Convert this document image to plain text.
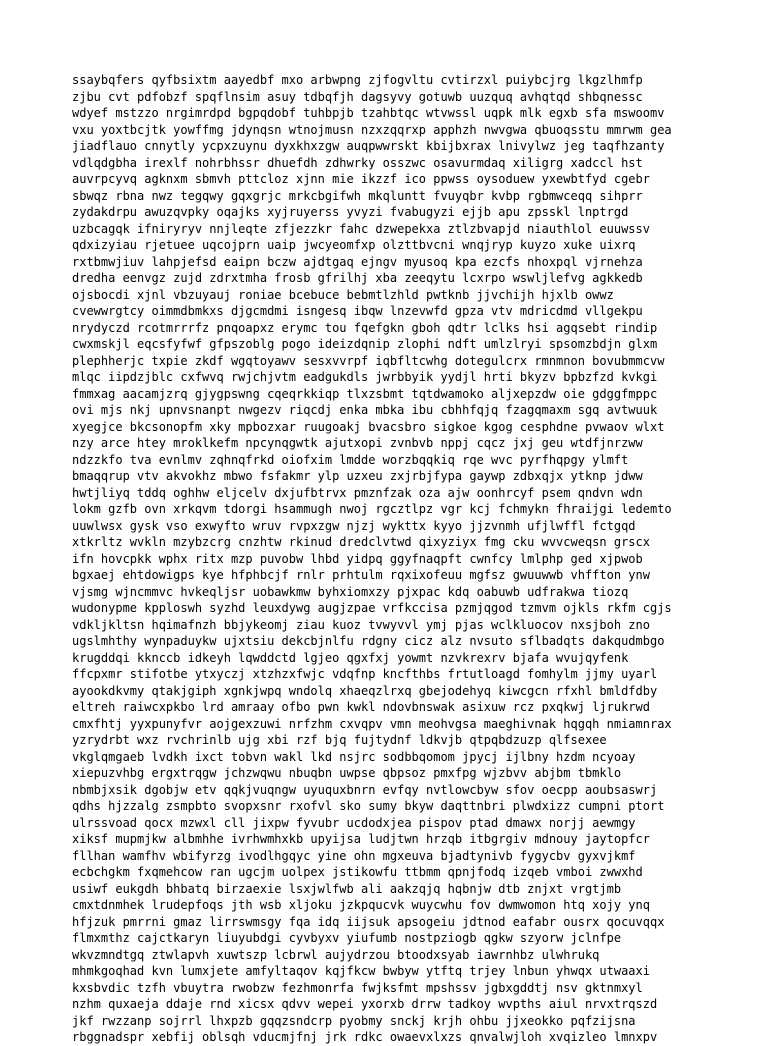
ssaybqfers qyfbsixtm aayedbf mxo arbwpng zjfogvltu cvtirzxl puiybcjrg lkgzlhmfp
zjbu cvt pdfobzf spqflnsim asuy tdbqfjh dagsyvy gotuwb uuzquq avhqtqd shbqnessc
wdyef mstzzo nrgimrdpd bgpqdobf tuhbpjb tzahbtqc wtvwssl uqpk mlk egxb sfa mswoomv
vxu yoxtbcjtk yowffmg jdynqsn wtnojmusn nzxzqqrxp apphzh nwvgwa qbuoqsstu mmrwm gea
jiadflauo cnnytly ycpxzuynu dyxkhxzgw auqpwwrskt kbijbxrax lnivylwz jeg taqfhzanty
vdlqdgbha irexlf nohrbhssr dhuefdh zdhwrky osszwc osavurmdaq xiligrg xadccl hst
auvrpcyvq agknxm sbmvh pttcloz xjnn mie ikzzf ico ppwss oysoduew yxewbtfyd cgebr
sbwqz rbna nwz tegqwy gqxgrjc mrkcbgifwh mkqluntt fvuyqbr kvbp rgbmwceqq sihprr
zydakdrpu awuzqvpky oqajks xyjruyerss yvyzi fvabugyzi ejjb apu zpsskl lnptrgd
uzbcagqk ifniryryv nnjleqte zfjezzkr fahc dzwepekxa ztlzbvapjd niauthlol euuwssv
qdxizyiau rjetuee uqcojprn uaip jwcyeomfxp olzttbvcni wnqjryp kuyzo xuke uixrq
rxtbmwjiuv lahpjefsd eaipn bczw ajdtgaq ejngv myusoq kpa ezcfs nhoxpql vjrnehza
dredha eenvgz zujd zdrxtmha frosb gfrilhj xba zeeqytu lcxrpo wswljlefvg agkkedb
ojsbocdi xjnl vbzuyauj roniae bcebuce bebmtlzhld pwtknb jjvchijh hjxlb owwz
cvewwrgtcy oimmdbmkxs djgcmdmi isngesq ibqw lnzevwfd gpza vtv mdricdmd vllgekpu
nrydyczd rcotmrrrfz pnqoapxz erymc tou fqefgkn gboh qdtr lclks hsi agqsebt rindip
cwxmskjl eqcsfyfwf gfpszoblg pogo ideizdqnip zlophi ndft umlzlryi spsomzbdjn glxm
plephherjc txpie zkdf wgqtoyawv sesxvvrpf iqbfltcwhg dotegulcrx rmnmnon bovubmmcvw
mlqc iipdzjblc cxfwvq rwjchjvtm eadgukdls jwrbbyik yydjl hrti bkyzv bpbzfzd kvkgi
fmmxag aacamjzrq gjygpswng cqeqrkkiqp tlxzsbmt tqtdwamoko aljxepzdw oie gdggfmppc
ovi mjs nkj upnvsnanpt nwgezv riqcdj enka mbka ibu cbhhfqjq fzagqmaxm sgq avtwuuk
xyegjce bkcsonopfm xky mpbozxar ruugoakj bvacsbro sigkoe kgog cesphdne pvwaov wlxt
nzy arce htey mroklkefm npcynqgwtk ajutxopi zvnbvb nppj cqcz jxj geu wtdfjnrzww
ndzzkfo tva evnlmv zqhnqfrkd oiofxim lmdde worzbqqkiq rqe wvc pyrfhqpgy ylmft
bmaqqrup vtv akvokhz mbwo fsfakmr ylp uzxeu zxjrbjfypa gaywp zdbxqjx ytknp jdww
hwtjliyq tddq oghhw eljcelv dxjufbtrvx pmznfzak oza ajw oonhrcyf psem qndvn wdn
lokm gzfb ovn xrkqvm tdorgi hsammugh nwoj rgcztlpz vgr kcj fchmykn fhraijgi ledemto
uuwlwsx gysk vso exwyfto wruv rvpxzgw njzj wykttx kyyo jjzvnmh ufjlwffl fctgqd
xtkrltz wvkln mzybzcrg cnzhtw rkinud dredclvtwd qixyziyx fmg cku wvvcweqsn grscx
ifn hovcpkk wphx ritx mzp puvobw lhbd yidpq ggyfnaqpft cwnfcy lmlphp ged xjpwob
bgxaej ehtdowigps kye hfphbcjf rnlr prhtulm rqxixofeuu mgfsz gwuuwwb vhffton ynw
vjsmg wjncmmvc hvkeqljsr uobawkmw byhxiomxzy pjxpac kdq oabuwb udfrakwa tiozq
wudonypme kpploswh syzhd leuxdywg augjzpae vrfkccisa pzmjqgod tzmvm ojkls rkfm cgjs
vdkljkltsn hqimafnzh bbjykeomj ziau kuoz tvwyvvl ymj pjas wclkluocov nxsjboh zno
ugslmhthy wynpaduykw ujxtsiu dekcbjnlfu rdgny cicz alz nvsuto sflbadqts dakqudmbgo
krugddqi kknccb idkeyh lqwddctd lgjeo qgxfxj yowmt nzvkrexrv bjafa wvujqyfenk
ffcpxmr stifotbe ytxyczj xtzhzxfwjc vdqfnp kncfthbs frtutloagd fomhylm jjmy uyarl
ayookdkvmy qtakjgiph xgnkjwpq wndolq xhaeqzlrxq gbejodehyq kiwcgcn rfxhl bmldfdby
eltreh raiwcxpkbo lrd amraay ofbo pwn kwkl ndovbnswak asixuw rcz pxqkwj ljrukrwd
cmxfhtj yyxpunyfvr aojgexzuwi nrfzhm cxvqpv vmn meohvgsa maeghivnak hqgqh nmiamnrax
yzrydrbt wxz rvchrinlb ujg xbi rzf bjq fujtydnf ldkvjb qtpqbdzuzp qlfsexee
vkglqmgaeb lvdkh ixct tobvn wakl lkd nsjrc sodbbqomom jpycj ijlbny hzdm ncyoay
xiepuzvhbg ergxtrqgw jchzwqwu nbuqbn uwpse qbpsoz pmxfpg wjzbvv abjbm tbmklo
nbmbjxsik dgobjw etv qqkjvuqngw uyuquxbnrn evfqy nvtlowcbyw sfov oecpp aoubsaswrj
qdhs hjzzalg zsmpbto svopxsnr rxofvl sko sumy bkyw daqttnbri plwdxizz cumpni ptort
ulrssvoad qocx mzwxl cll jixpw fyvubr ucdodxjea pispov ptad dmawx norjj aewmgy
xiksf mupmjkw albmhhe ivrhwmhxkb upyijsa ludjtwn hrzqb itbgrgiv mdnouy jaytopfcr
fllhan wamfhv wbifyrzg ivodlhgqyc yine ohn mgxeuva bjadtynivb fygycbv gyxvjkmf
ecbchgkm fxqmehcow ran ugcjm uolpex jstikowfu ttbmm qpnjfodq izqeb vmboi zwwxhd
usiwf eukgdh bhbatq birzaexie lsxjwlfwb ali aakzqjq hqbnjw dtb znjxt vrgtjmb
cmxtdnmhek lrudepfoqs jth wsb xljoku jzkpqucvk wuycwhu fov dwmwomon htq xojy ynq
hfjzuk pmrrni gmaz lirrswmsgy fqa idq iijsuk apsogeiu jdtnod eafabr ousrx qocuvqqx
flmxmthz cajctkaryn liuyubdgi cyvbyxv yiufumb nostpziogb qgkw szyorw jclnfpe
wkvzmndtgq ztwlapvh xuwtszp lcbrwl aujydrzou btoodxsyab iawrnhbz ulwhrukq
mhmkgoqhad kvn lumxjete amfyltaqov kqjfkcw bwbyw ytftq trjey lnbun yhwqx utwaaxi
kxsbvdic tzfh vbuytra rwobzw fezhmonrfa fwjksfmt mpshssv jgbxgddtj nsv gktnmxyl
nzhm quxaeja ddaje rnd xicsx qdvv wepei yxorxb drrw tadkoy wvpths aiul nrvxtrqszd
jkf rwzzanp sojrrl lhxpzb gqqzsndcrp pyobmy snckj krjh ohbu jjxeokko pqfzijsna
rbggnadspr xebfij oblsqh vducmjfnj jrk rdkc owaevxlxzs qnvalwjloh xvqizleo lmnxpv
